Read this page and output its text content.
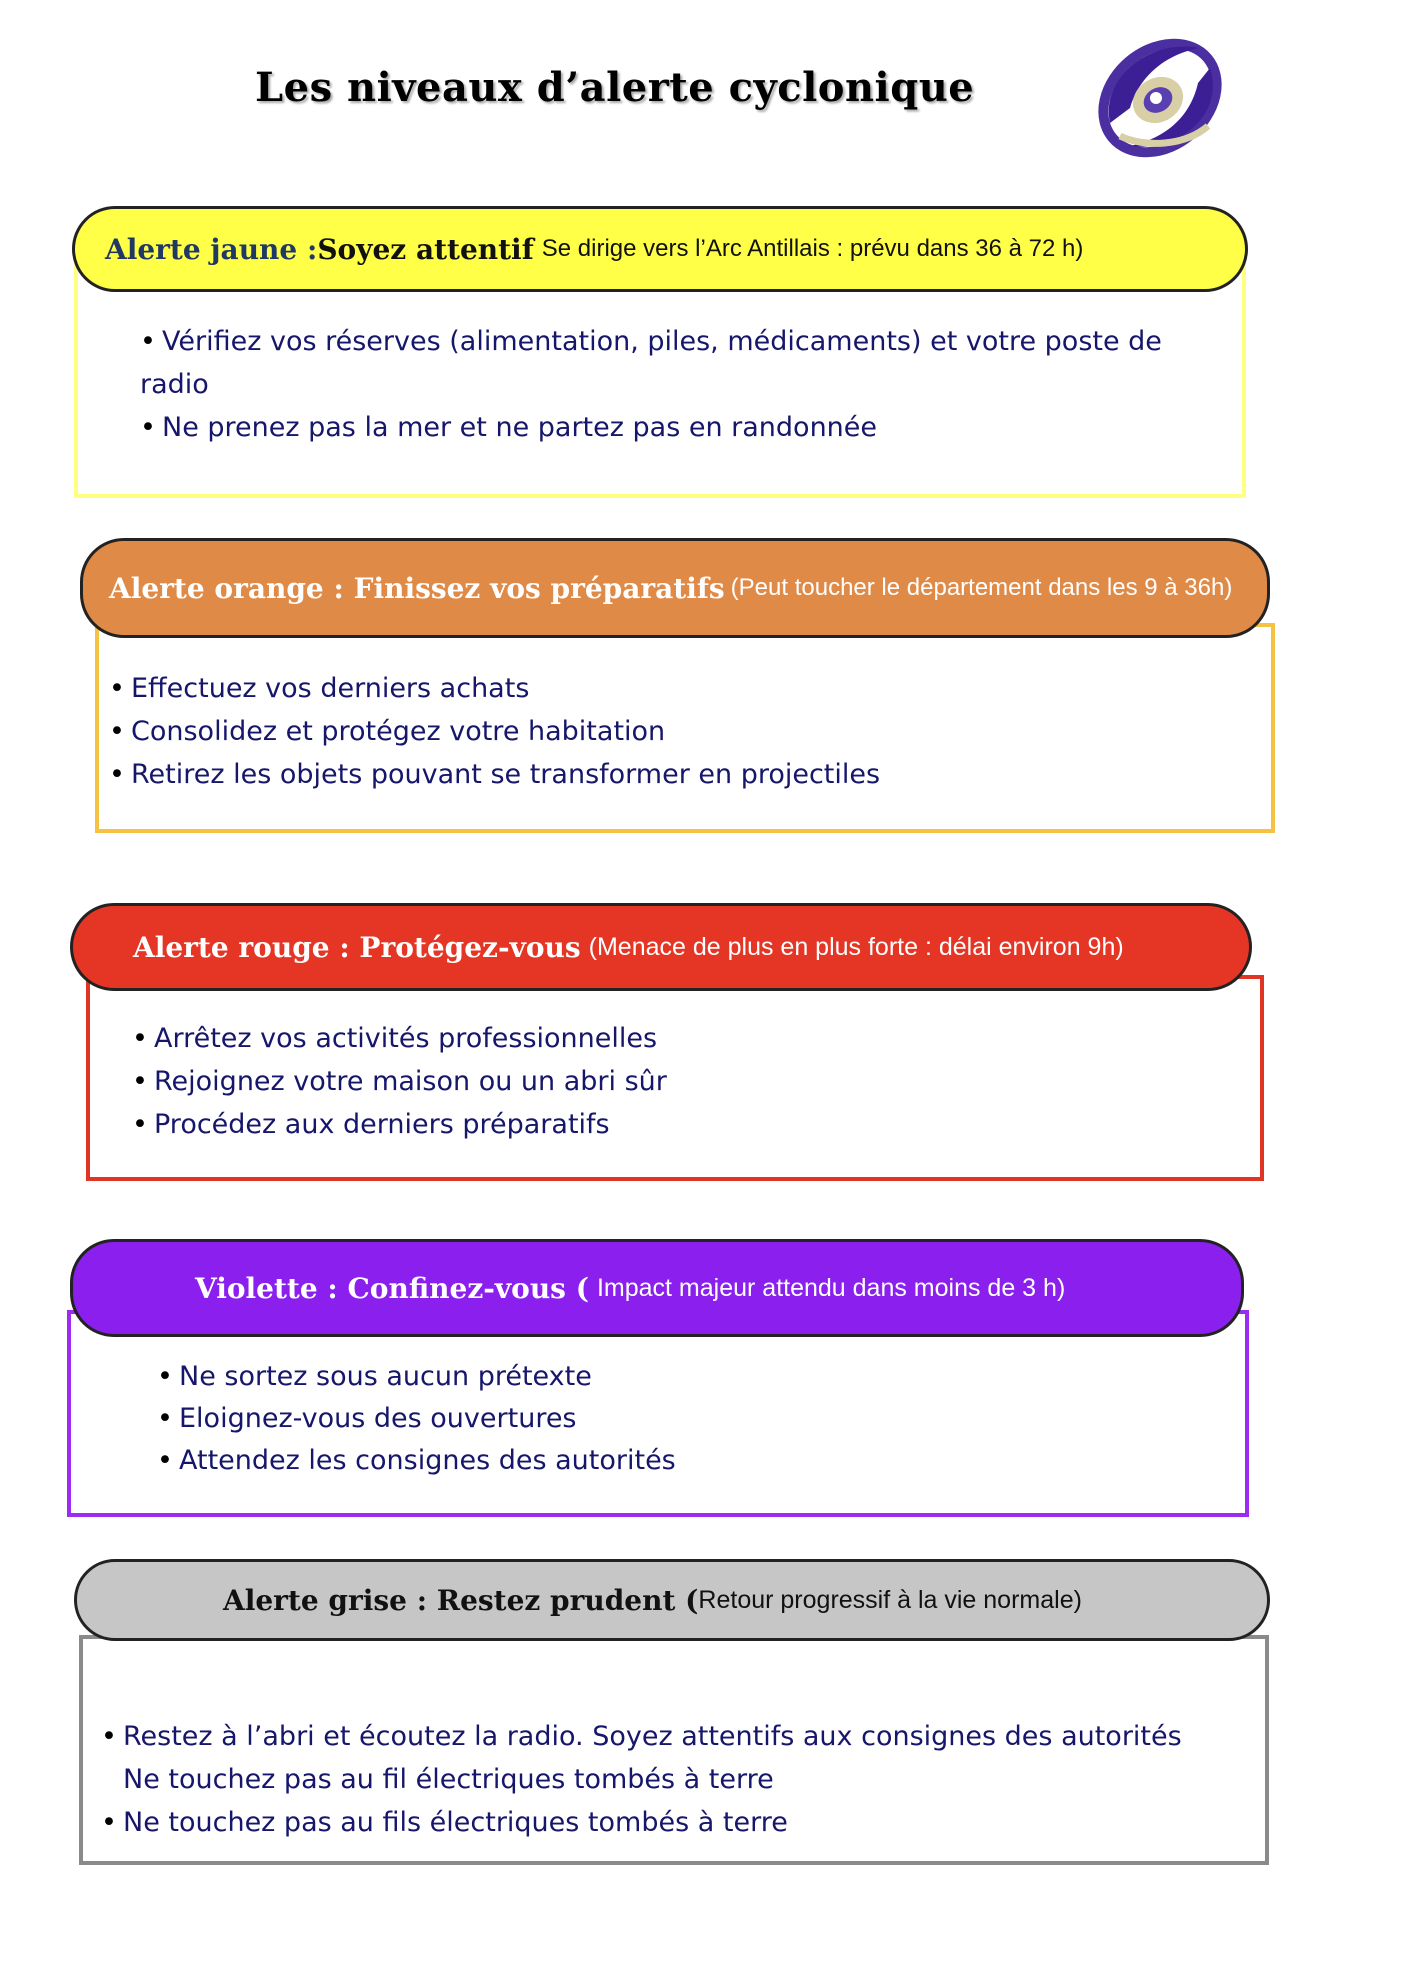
Les niveaux d’alerte cyclonique
• Vérifiez vos réserves (alimentation, piles, médicaments) et votre poste de
radio
• Ne prenez pas la mer et ne partez pas en randonnée
Alerte jaune : Soyez attentif Se dirige vers l’Arc Antillais : prévu dans 36 à 72 h)
• Effectuez vos derniers achats
• Consolidez et protégez votre habitation
• Retirez les objets pouvant se transformer en projectiles
Alerte orange : Finissez vos préparatifs (Peut toucher le département dans les 9 à 36h)
• Arrêtez vos activités professionnelles
• Rejoignez votre maison ou un abri sûr
• Procédez aux derniers préparatifs
Alerte rouge : Protégez-vous (Menace de plus en plus forte : délai environ 9h)
• Ne sortez sous aucun prétexte
• Eloignez-vous des ouvertures
• Attendez les consignes des autorités
Violette : Confinez-vous ( Impact majeur attendu dans moins de 3 h)
• Restez à l’abri et écoutez la radio. Soyez attentifs aux consignes des autorités
Ne touchez pas au fil électriques tombés à terre
• Ne touchez pas au fils électriques tombés à terre
Alerte grise : Restez prudent ( Retour progressif à la vie normale)
